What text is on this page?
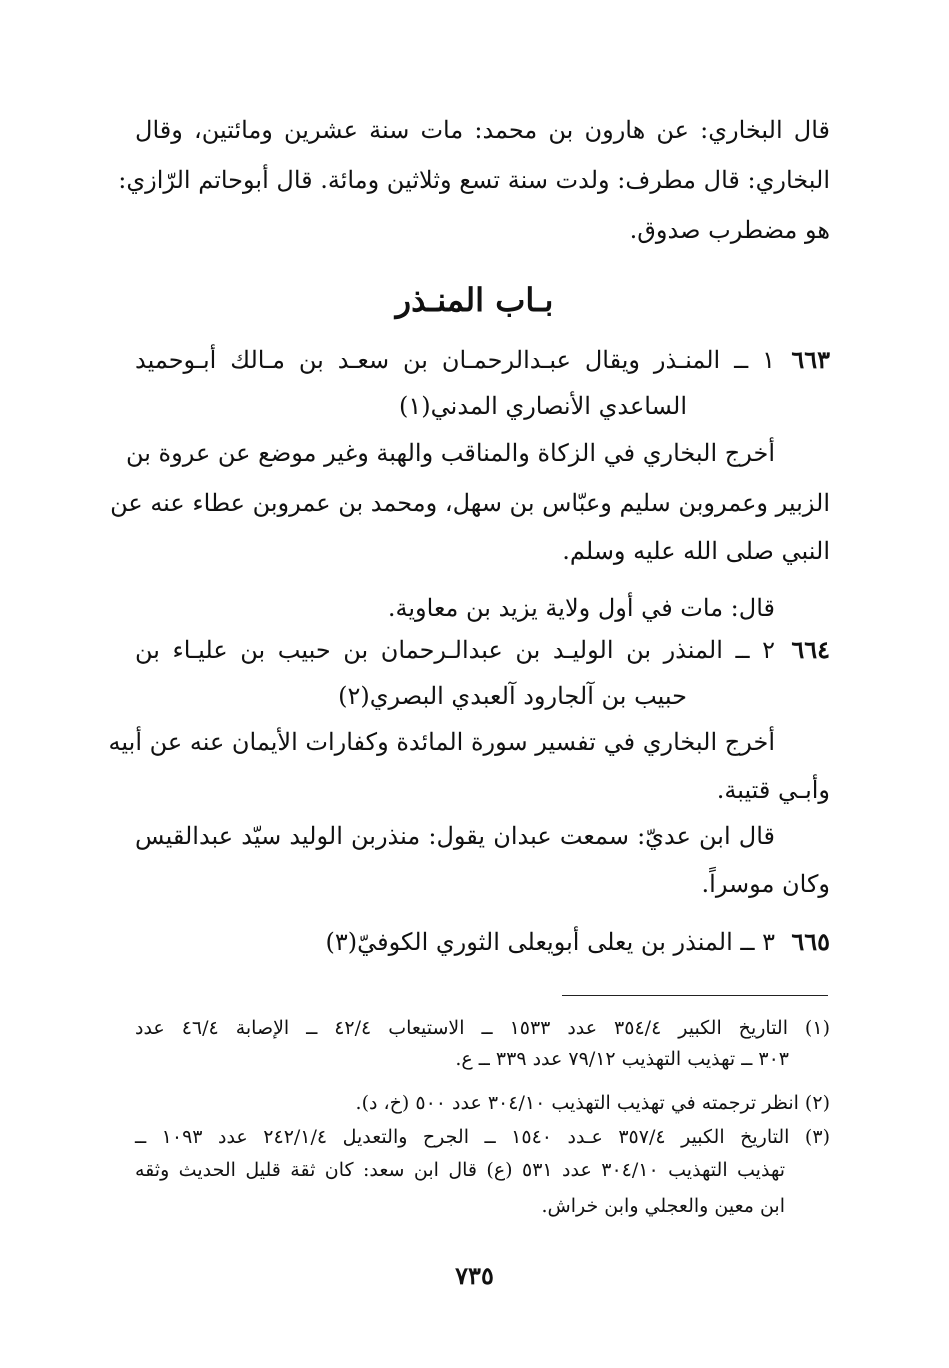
قال البخاري: عن هارون بن محمد: مات سنة عشرين ومائتين، وقال
البخاري: قال مطرف: ولدت سنة تسع وثلاثين ومائة. قال أبوحاتم الرّازي:
هو مضطرب صدوق.
بـاب المنـذر
٦٦٣
١ ــ المنـذر ويقال عبـدالرحمـان بن سعـد بن مـالك أبـوحميد
الساعدي الأنصاري المدني(١)
أخرج البخاري في الزكاة والمناقب والهبة وغير موضع عن عروة بن
الزبير وعمروبن سليم وعبّاس بن سهل، ومحمد بن عمروبن عطاء عنه عن
النبي صلى الله عليه وسلم.
قال: مات في أول ولاية يزيد بن معاوية.
٦٦٤
٢ ــ المنذر بن الوليـد بن عبدالـرحمان بن حبيب بن عليـاء بن
حبيب بن آلجارود آلعبدي البصري(٢)
أخرج البخاري في تفسير سورة المائدة وكفارات الأيمان عنه عن أبيه
وأبـي قتيبة.
قال ابن عديّ: سمعت عبدان يقول: منذربن الوليد سيّد عبدالقيس
وكان موسراً.
٦٦٥
٣ ــ المنذر بن يعلى أبويعلى الثوري الكوفيّ(٣)
(١) التاريخ الكبير ٣٥٤/٤ عدد ١٥٣٣ ــ الاستيعاب ٤٢/٤ ــ الإصابة ٤٦/٤ عدد
٣٠٣ ــ تهذيب التهذيب ٧٩/١٢ عدد ٣٣٩ ــ ع.
(٢) انظر ترجمته في تهذيب التهذيب ٣٠٤/١٠ عدد ٥٠٠ (خ، د).
(٣) التاريخ الكبير ٣٥٧/٤ عـدد ١٥٤٠ ــ الجرح والتعديل ٢٤٢/١/٤ عدد ١٠٩٣ ــ
تهذيب التهذيب ٣٠٤/١٠ عدد ٥٣١ (ع) قال ابن سعد: كان ثقة قليل الحديث وثقه
ابن معين والعجلي وابن خراش.
٧٣٥
